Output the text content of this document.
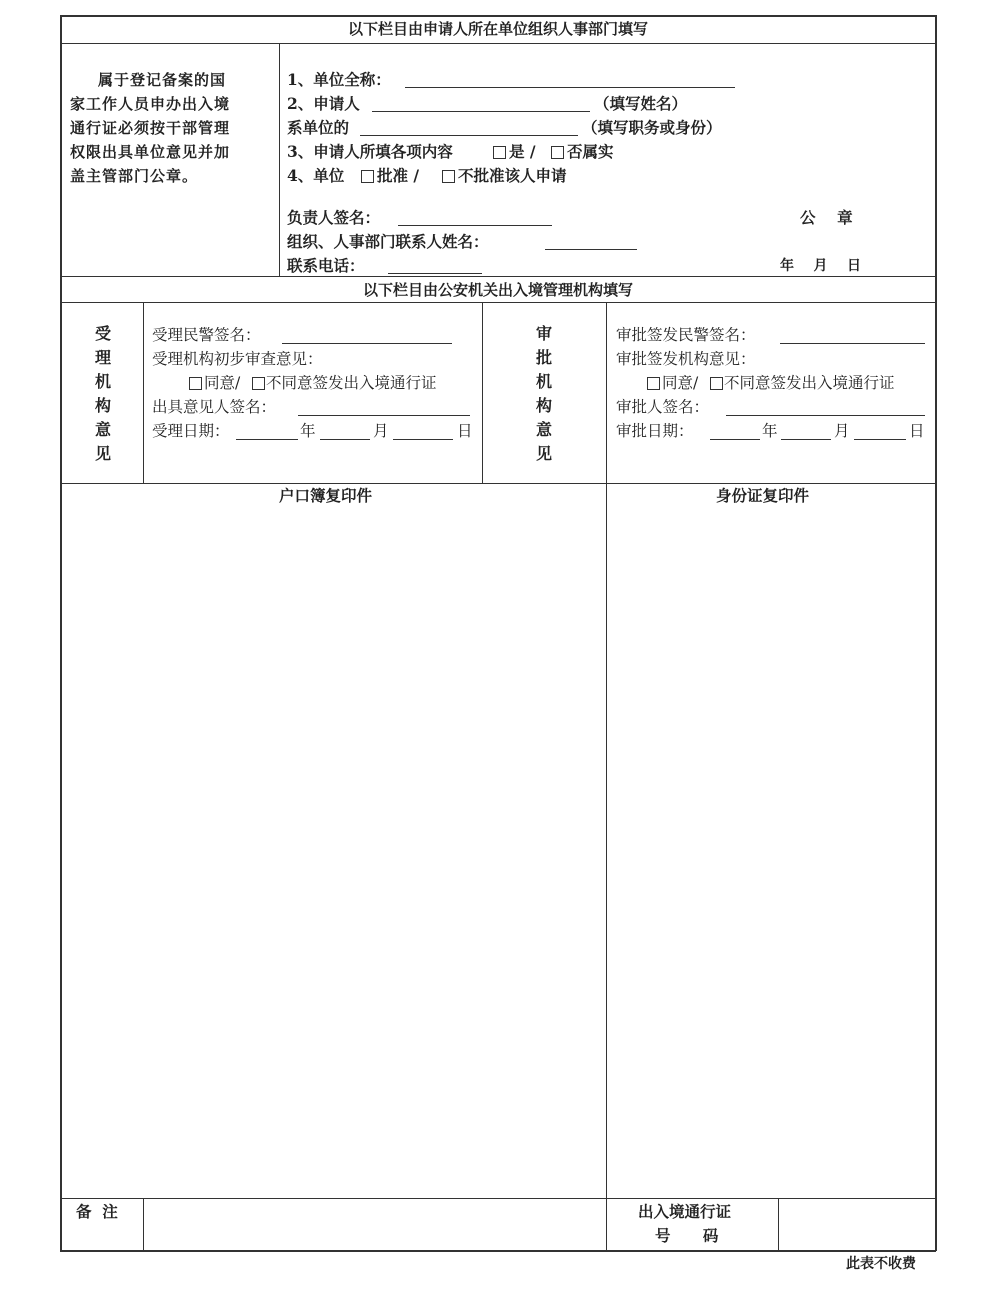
以下栏目由申请人所在单位组织人事部门填写
属于登记备案的国
家工作人员申办出入境
通行证必须按干部管理
权限出具单位意见并加
盖主管部门公章。
1、单位全称：
2、申请人	（填写姓名）
系单位的	（填写职务或身份）
3、申请人所填各项内容	是 / 否属实
4、单位 批准 /	不批准该人申请
负责人签名：	公    章
组织、人事部门联系人姓名：
联系电话：	年    月    日
以下栏目由公安机关出入境管理机构填写
受
理
机
构
意
见
受理民警签名：
受理机构初步审查意见：
同意/ 不同意签发出入境通行证
出具意见人签名：
受理日期：	年	月	日
审
批
机
构
意
见
审批签发民警签名：
审批签发机构意见：
同意/ 不同意签发出入境通行证
审批人签名：
审批日期：	年	月	日
户口簿复印件	身份证复印件
备  注	出入境通行证
号      码
此表不收费
